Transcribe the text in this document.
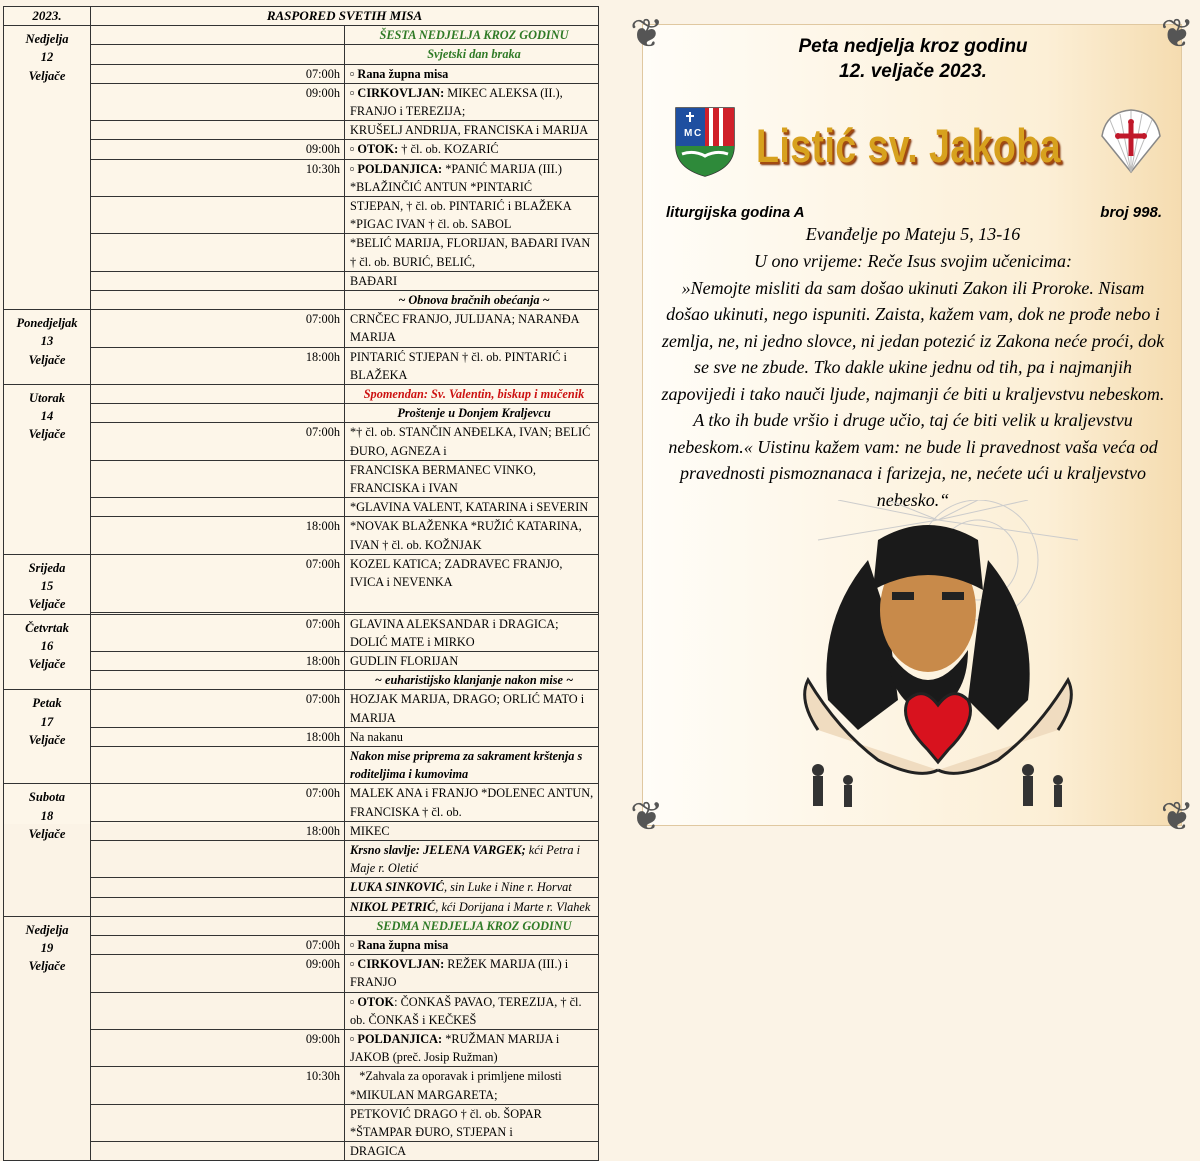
2023.	RASPORED SVETIH MISA	

Nedjelja
12
Veljače		ŠESTA NEDJELJA KROZ GODINU
		Svjetski dan braka
	07:00h	▫ Rana župna misa
	09:00h	▫ CIRKOVLJAN: MIKEC ALEKSA (II.), FRANJO i TEREZIJA;
		KRUŠELJ ANDRIJA, FRANCISKA i MARIJA
	09:00h	▫ OTOK: † čl. ob. KOZARIĆ
	10:30h	▫ POLDANJICA: *PANIĆ MARIJA (III.) *BLAŽINČIĆ ANTUN *PINTARIĆ
		STJEPAN, † čl. ob. PINTARIĆ i BLAŽEKA *PIGAC IVAN † čl. ob. SABOL
		*BELIĆ MARIJA, FLORIJAN, BAĐARI IVAN † čl. ob. BURIĆ, BELIĆ,
		BAĐARI
		~ Obnova bračnih obećanja ~

Ponedjeljak
13
Veljače	07:00h	CRNČEC FRANJO, JULIJANA; NARANĐA MARIJA
	18:00h	PINTARIĆ STJEPAN † čl. ob. PINTARIĆ i BLAŽEKA

Utorak
14
Veljače		Spomendan: Sv. Valentin, biskup i mučenik
		Proštenje u Donjem Kraljevcu
	07:00h	*† čl. ob. STANČIN ANĐELKA, IVAN; BELIĆ ĐURO, AGNEZA i
		FRANCISKA BERMANEC VINKO, FRANCISKA i IVAN
		*GLAVINA VALENT, KATARINA i SEVERIN
	18:00h	*NOVAK BLAŽENKA *RUŽIĆ KATARINA, IVAN † čl. ob. KOŽNJAK

Srijeda
15
Veljače	07:00h	KOZEL KATICA; ZADRAVEC FRANJO, IVICA i NEVENKA

Četvrtak
16
Veljače	07:00h	GLAVINA ALEKSANDAR i DRAGICA; DOLIĆ MATE i MIRKO
	18:00h	GUDLIN FLORIJAN
		~ euharistijsko klanjanje nakon mise ~

Petak
17
Veljače	07:00h	HOZJAK MARIJA, DRAGO; ORLIĆ MATO i MARIJA
	18:00h	Na nakanu
		Nakon mise priprema za sakrament krštenja s roditeljima i kumovima

Subota
18
Veljače	07:00h	MALEK ANA i FRANJO *DOLENEC ANTUN, FRANCISKA † čl. ob.
	18:00h	MIKEC
		Krsno slavlje: JELENA VARGEK; kći Petra i Maje r. Oletić
		LUKA SINKOVIĆ, sin Luke i Nine r. Horvat
		NIKOL PETRIĆ, kći Dorijana i Marte r. Vlahek

Nedjelja
19
Veljače		SEDMA NEDJELJA KROZ GODINU
	07:00h	▫ Rana župna misa
	09:00h	▫ CIRKOVLJAN: REŽEK MARIJA (III.) i FRANJO
		▫ OTOK: ČONKAŠ PAVAO, TEREZIJA, † čl. ob. ČONKAŠ i KEČKEŠ
	09:00h	▫ POLDANJICA: *RUŽMAN MARIJA i JAKOB (preč. Josip Ružman)
	10:30h	*Zahvala za oporavak i primljene milosti *MIKULAN MARGARETA;
		PETKOVIĆ DRAGO † čl. ob. ŠOPAR *ŠTAMPAR ĐURO, STJEPAN i
		DRAGICA
❦	❦
❦	❦
Peta nedjelja kroz godinu
12. veljače 2023.
M C Listić sv. Jakoba
liturgijska godina A	broj 998.
Evanđelje po Mateju 5, 13-16
U ono vrijeme: Reče Isus svojim učenicima:
»Nemojte misliti da sam došao ukinuti Zakon ili Proroke. Nisam
došao ukinuti, nego ispuniti. Zaista, kažem vam, dok ne prođe nebo i
zemlja, ne, ni jedno slovce, ni jedan potezić iz Zakona neće proći, dok
se sve ne zbude. Tko dakle ukine jednu od tih, pa i najmanjih
zapovijedi i tako nauči ljude, najmanji će biti u kraljevstvu nebeskom.
A tko ih bude vršio i druge učio, taj će biti velik u kraljevstvu
nebeskom.« Uistinu kažem vam: ne bude li pravednost vaša veća od
pravednosti pismoznanaca i farizeja, ne, nećete ući u kraljevstvo
nebesko.“
